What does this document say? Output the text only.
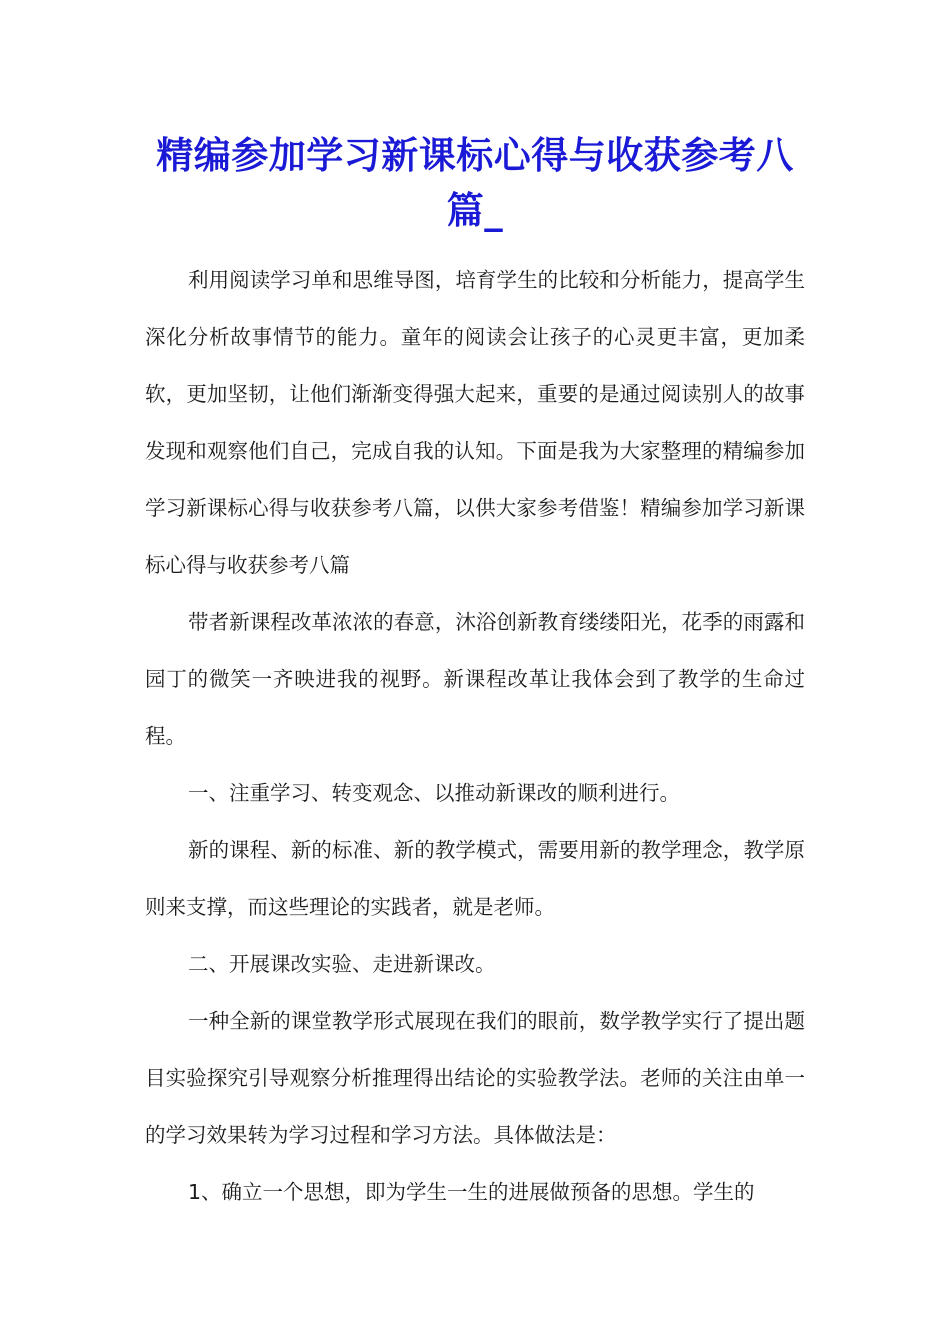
精编参加学习新课标心得与收获参考八篇_

利用阅读学习单和思维导图，培育学生的比较和分析能力，提高学生深化分析故事情节的能力。童年的阅读会让孩子的心灵更丰富，更加柔软，更加坚韧，让他们渐渐变得强大起来，重要的是通过阅读别人的故事发现和观察他们自己，完成自我的认知。下面是我为大家整理的精编参加学习新课标心得与收获参考八篇，以供大家参考借鉴！精编参加学习新课标心得与收获参考八篇

带者新课程改革浓浓的春意，沐浴创新教育缕缕阳光，花季的雨露和园丁的微笑一齐映进我的视野。新课程改革让我体会到了教学的生命过程。

一、注重学习、转变观念、以推动新课改的顺利进行。

新的课程、新的标准、新的教学模式，需要用新的教学理念，教学原则来支撑，而这些理论的实践者，就是老师。

二、开展课改实验、走进新课改。

一种全新的课堂教学形式展现在我们的眼前，数学教学实行了提出题目实验探究引导观察分析推理得出结论的实验教学法。老师的关注由单一的学习效果转为学习过程和学习方法。具体做法是：

1、确立一个思想，即为学生一生的进展做预备的思想。学生的
